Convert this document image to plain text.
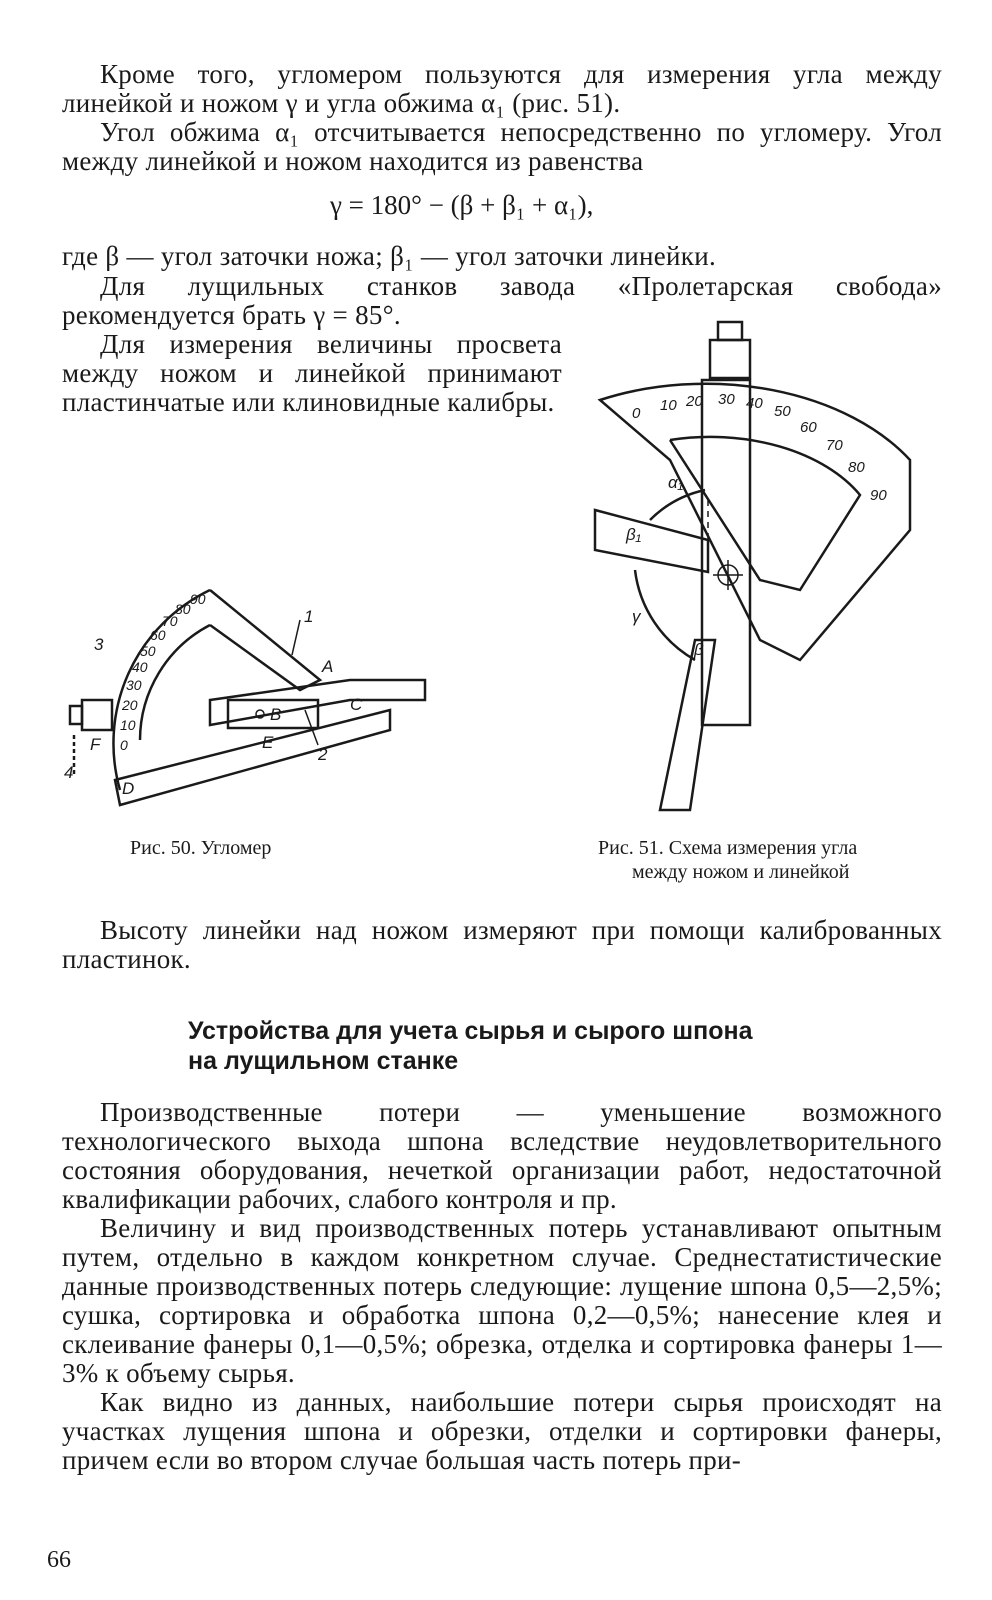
Кроме того, угломером пользуются для измерения угла между линейкой и ножом γ и угла обжима α₁ (рис. 51).

Угол обжима α₁ отсчитывается непосредственно по угломеру. Угол между линейкой и ножом находится из равенства

γ = 180° − (β + β₁ + α₁),

где β — угол заточки ножа; β₁ — угол заточки линейки.

Для лущильных станков завода «Пролетарская свобода» рекомендуется брать γ = 85°.

Для измерения величины просвета между ножом и линейкой принимают пластинчатые или клиновидные калибры.

0
10
20
30
40
50
60
70
80
90
1
A
3
B
C
F	E
2
4
D
Рис. 50. Угломер
0 10 20 30 40 50
60
70
80
90
α₁
β₁
γ
β
Рис. 51. Схема измерения угла
между ножом и линейкой

Высоту линейки над ножом измеряют при помощи калиброванных пластинок.

Устройства для учета сырья и сырого шпона
на лущильном станке

Производственные потери — уменьшение возможного технологического выхода шпона вследствие неудовлетворительного состояния оборудования, нечеткой организации работ, недостаточной квалификации рабочих, слабого контроля и пр.

Величину и вид производственных потерь устанавливают опытным путем, отдельно в каждом конкретном случае. Среднестатистические данные производственных потерь следующие: лущение шпона 0,5—2,5%; сушка, сортировка и обработка шпона 0,2—0,5%; нанесение клея и склеивание фанеры 0,1—0,5%; обрезка, отделка и сортировка фанеры 1—3% к объему сырья.

Как видно из данных, наибольшие потери сырья происходят на участках лущения шпона и обрезки, отделки и сортировки фанеры, причем если во втором случае большая часть потерь при-

66
